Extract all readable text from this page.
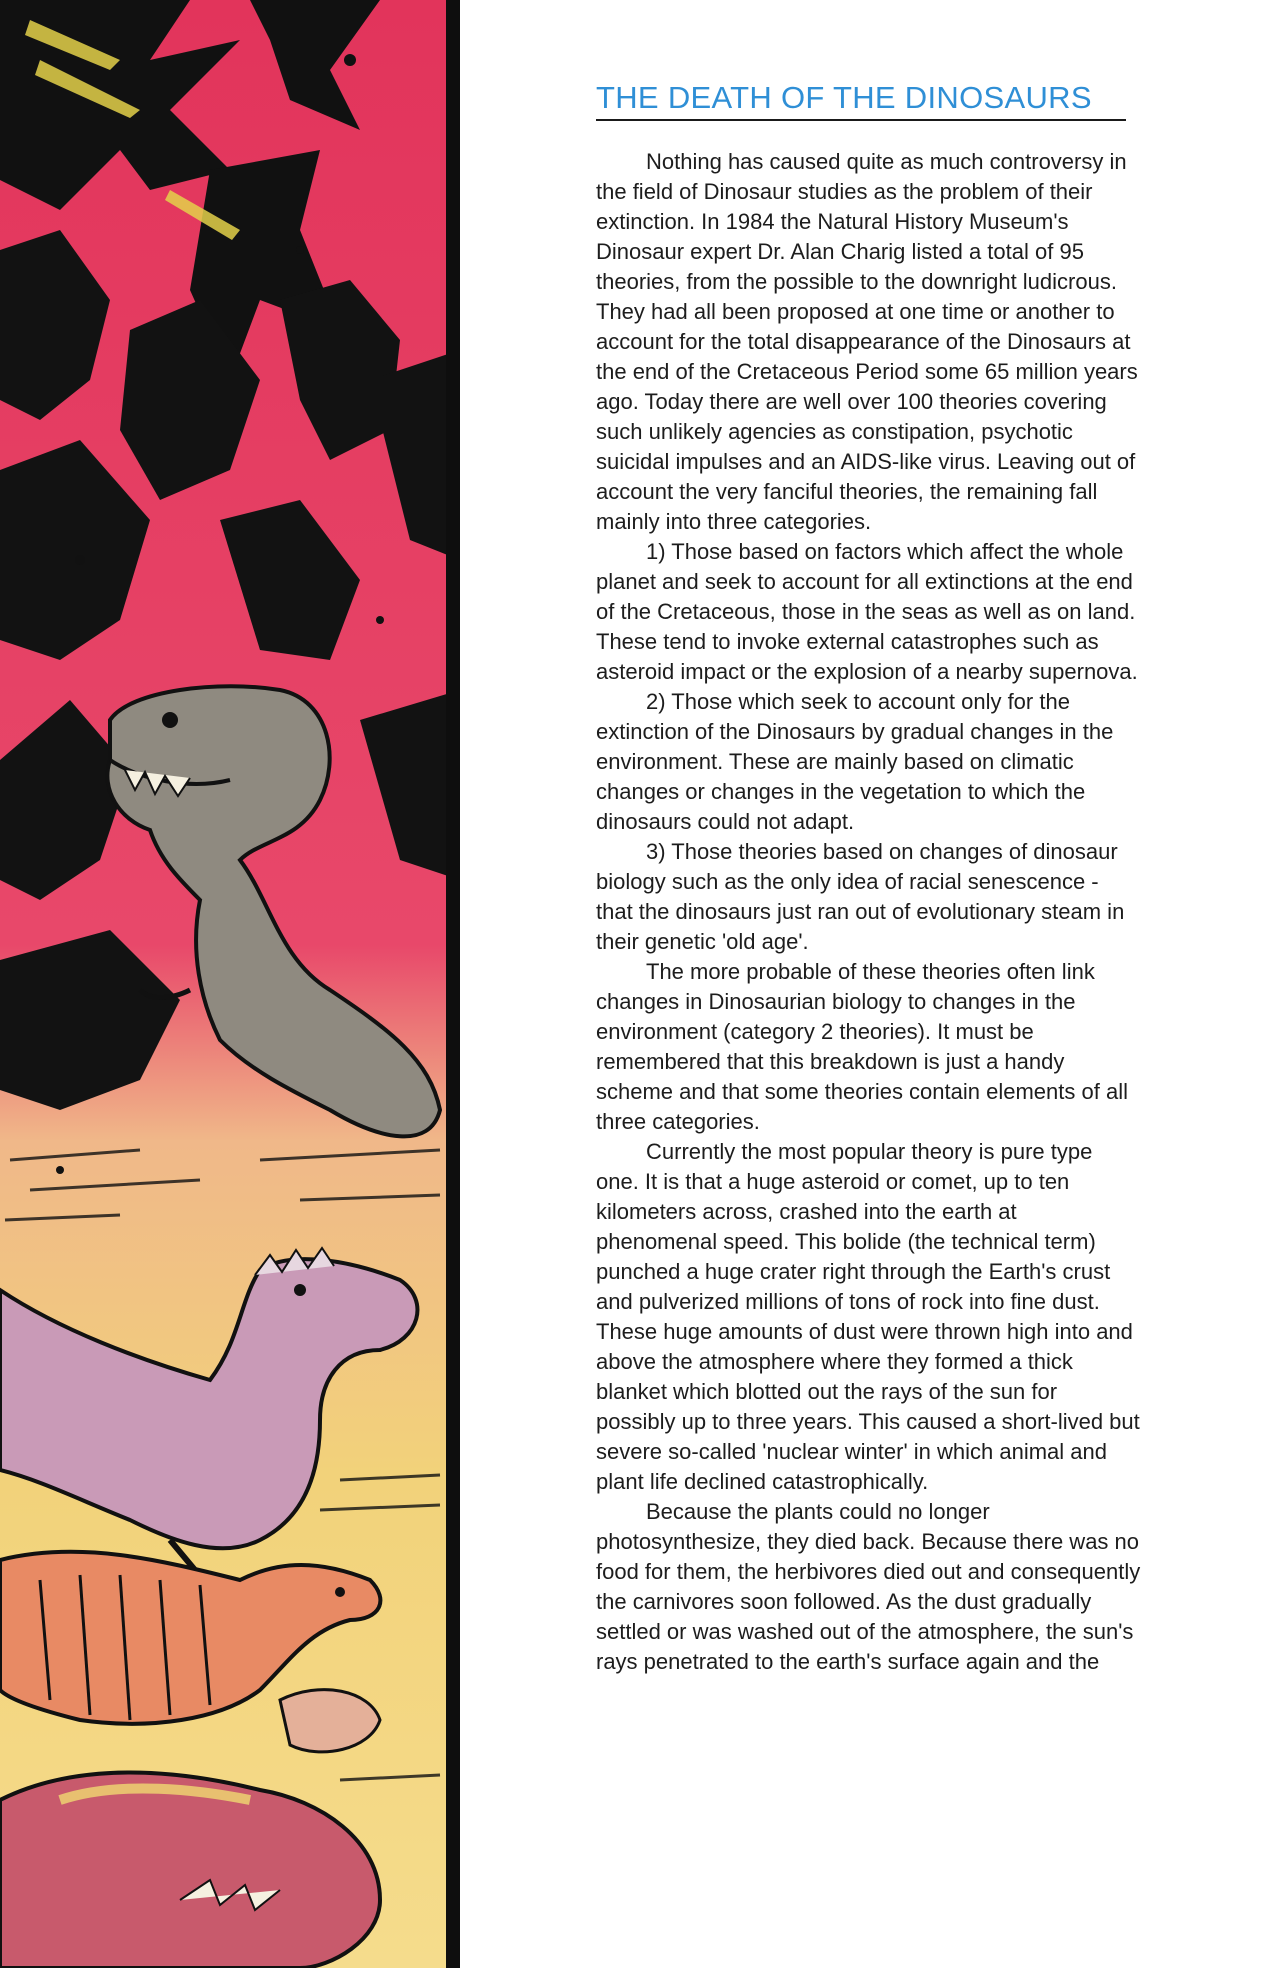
THE DEATH OF THE DINOSAURS

Nothing has caused quite as much controversy in the field of Dinosaur studies as the problem of their extinction. In 1984 the Natural History Museum's Dinosaur expert Dr. Alan Charig listed a total of 95 theories, from the possible to the downright ludicrous. They had all been proposed at one time or another to account for the total disappearance of the Dinosaurs at the end of the Cretaceous Period some 65 million years ago. Today there are well over 100 theories covering such unlikely agencies as constipation, psychotic suicidal impulses and an AIDS-like virus. Leaving out of account the very fanciful theories, the remaining fall mainly into three categories.

1) Those based on factors which affect the whole planet and seek to account for all extinctions at the end of the Cretaceous, those in the seas as well as on land. These tend to invoke external catastrophes such as asteroid impact or the explosion of a nearby supernova.

2) Those which seek to account only for the extinction of the Dinosaurs by gradual changes in the environment. These are mainly based on climatic changes or changes in the vegetation to which the dinosaurs could not adapt.

3) Those theories based on changes of dinosaur biology such as the only idea of racial senescence - that the dinosaurs just ran out of evolutionary steam in their genetic 'old age'.

The more probable of these theories often link changes in Dinosaurian biology to changes in the environment (category 2 theories). It must be remembered that this breakdown is just a handy scheme and that some theories contain elements of all three categories.

Currently the most popular theory is pure type one. It is that a huge asteroid or comet, up to ten kilometers across, crashed into the earth at phenomenal speed. This bolide (the technical term) punched a huge crater right through the Earth's crust and pulverized millions of tons of rock into fine dust. These huge amounts of dust were thrown high into and above the atmosphere where they formed a thick blanket which blotted out the rays of the sun for possibly up to three years. This caused a short-lived but severe so-called 'nuclear winter' in which animal and plant life declined catastrophically.

Because the plants could no longer photosynthesize, they died back. Because there was no food for them, the herbivores died out and consequently the carnivores soon followed. As the dust gradually settled or was washed out of the atmosphere, the sun's rays penetrated to the earth's surface again and the
